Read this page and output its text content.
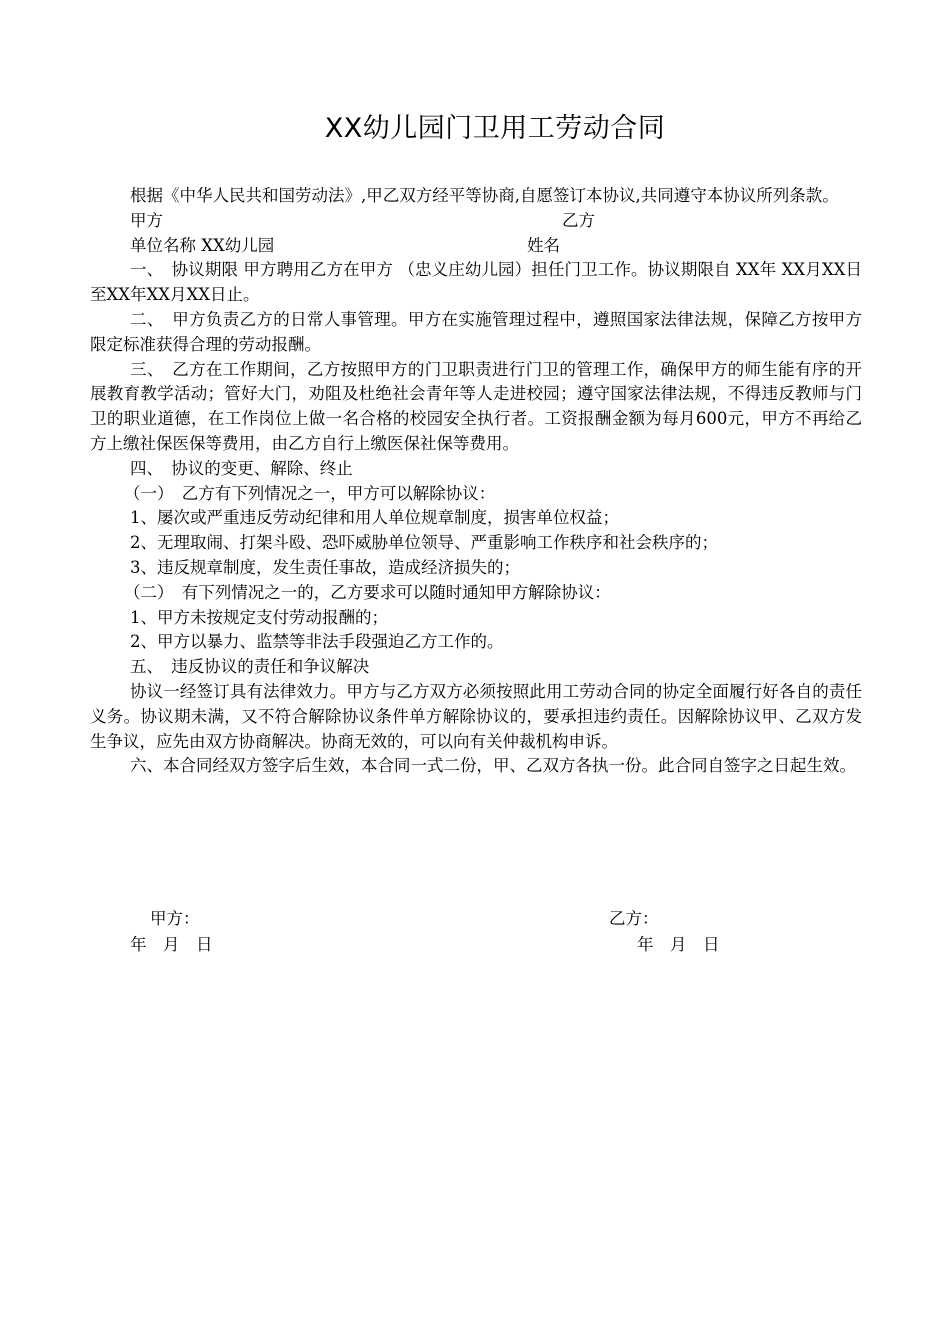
XX幼儿园门卫用工劳动合同

根据《中华人民共和国劳动法》,甲乙双方经平等协商,自愿签订本协议,共同遵守本协议所列条款。

甲方	乙方
单位名称 XX幼儿园	姓名

一、　协议期限 甲方聘用乙方在甲方 （忠义庄幼儿园）担任门卫工作。协议期限自 XX年 XX月XX日至XX年XX月XX日止。

二、　甲方负责乙方的日常人事管理。甲方在实施管理过程中，遵照国家法律法规，保障乙方按甲方限定标准获得合理的劳动报酬。

三、　乙方在工作期间，乙方按照甲方的门卫职责进行门卫的管理工作，确保甲方的师生能有序的开展教育教学活动；管好大门，劝阻及杜绝社会青年等人走进校园；遵守国家法律法规，不得违反教师与门卫的职业道德，在工作岗位上做一名合格的校园安全执行者。工资报酬金额为每月600元，甲方不再给乙方上缴社保医保等费用，由乙方自行上缴医保社保等费用。

四、　协议的变更、解除、终止
（一）　乙方有下列情况之一，甲方可以解除协议：
1、屡次或严重违反劳动纪律和用人单位规章制度，损害单位权益；
2、无理取闹、打架斗殴、恐吓威胁单位领导、严重影响工作秩序和社会秩序的；
3、违反规章制度，发生责任事故，造成经济损失的；
（二）　有下列情况之一的，乙方要求可以随时通知甲方解除协议：
1、甲方未按规定支付劳动报酬的；
2、甲方以暴力、监禁等非法手段强迫乙方工作的。
五、　违反协议的责任和争议解决

协议一经签订具有法律效力。甲方与乙方双方必须按照此用工劳动合同的协定全面履行好各自的责任义务。协议期未满，又不符合解除协议条件单方解除协议的，要承担违约责任。因解除协议甲、乙双方发生争议，应先由双方协商解决。协商无效的，可以向有关仲裁机构申诉。

六、本合同经双方签字后生效，本合同一式二份，甲、乙双方各执一份。此合同自签字之日起生效。

甲方：	乙方：
年　月　日	年　月　日
